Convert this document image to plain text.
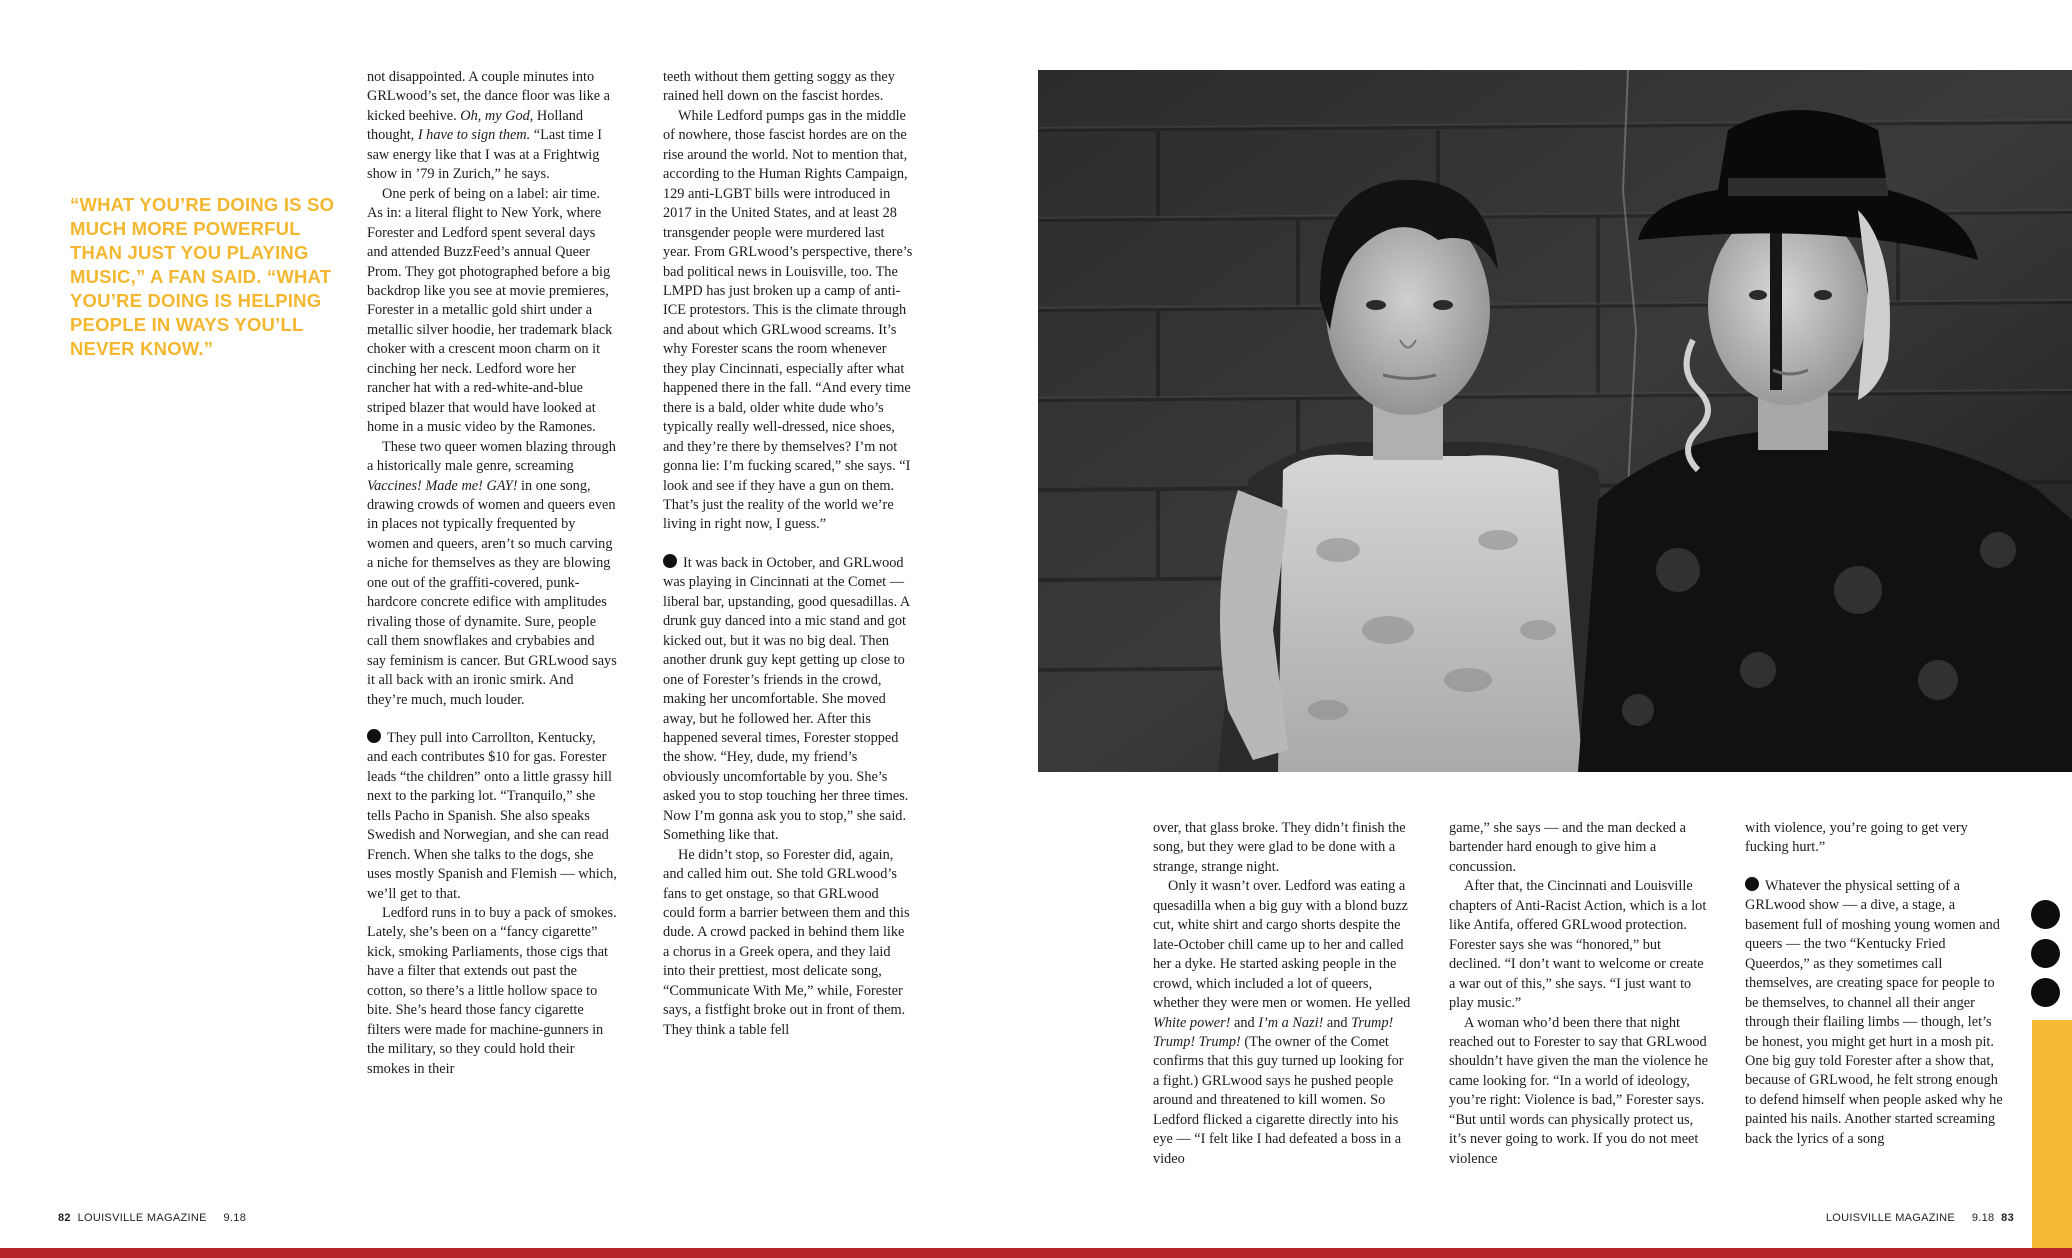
“WHAT YOU’RE DOING IS SO MUCH MORE POWERFUL THAN JUST YOU PLAYING MUSIC,” A FAN SAID. “WHAT YOU’RE DOING IS HELPING PEOPLE IN WAYS YOU’LL NEVER KNOW.”

not disappointed. A couple minutes into GRLwood’s set, the dance floor was like a kicked beehive. Oh, my God, Holland thought, I have to sign them. “Last time I saw energy like that I was at a Frightwig show in ’79 in Zurich,” he says.

One perk of being on a label: air time. As in: a literal flight to New York, where Forester and Ledford spent several days and attended BuzzFeed’s annual Queer Prom. They got photographed before a big backdrop like you see at movie premieres, Forester in a metallic gold shirt under a metallic silver hoodie, her trademark black choker with a crescent moon charm on it cinching her neck. Ledford wore her rancher hat with a red-white-and-blue striped blazer that would have looked at home in a music video by the Ramones.

These two queer women blazing through a historically male genre, screaming Vaccines! Made me! GAY! in one song, drawing crowds of women and queers even in places not typically frequented by women and queers, aren’t so much carving a niche for themselves as they are blowing one out of the graffiti-covered, punk-hardcore concrete edifice with amplitudes rivaling those of dynamite. Sure, people call them snowflakes and crybabies and say feminism is cancer. But GRLwood says it all back with an ironic smirk. And they’re much, much louder.

They pull into Carrollton, Kentucky, and each contributes $10 for gas. Forester leads “the children” onto a little grassy hill next to the parking lot. “Tranquilo,” she tells Pacho in Spanish. She also speaks Swedish and Norwegian, and she can read French. When she talks to the dogs, she uses mostly Spanish and Flemish — which, we’ll get to that.

Ledford runs in to buy a pack of smokes. Lately, she’s been on a “fancy cigarette” kick, smoking Parliaments, those cigs that have a filter that extends out past the cotton, so there’s a little hollow space to bite. She’s heard those fancy cigarette filters were made for machine-gunners in the military, so they could hold their smokes in their

teeth without them getting soggy as they rained hell down on the fascist hordes.

While Ledford pumps gas in the middle of nowhere, those fascist hordes are on the rise around the world. Not to mention that, according to the Human Rights Campaign, 129 anti-LGBT bills were introduced in 2017 in the United States, and at least 28 transgender people were murdered last year. From GRLwood’s perspective, there’s bad political news in Louisville, too. The LMPD has just broken up a camp of anti-ICE protestors. This is the climate through and about which GRLwood screams. It’s why Forester scans the room whenever they play Cincinnati, especially after what happened there in the fall. “And every time there is a bald, older white dude who’s typically really well-dressed, nice shoes, and they’re there by themselves? I’m not gonna lie: I’m fucking scared,” she says. “I look and see if they have a gun on them. That’s just the reality of the world we’re living in right now, I guess.”

It was back in October, and GRLwood was playing in Cincinnati at the Comet — liberal bar, upstanding, good quesadillas. A drunk guy danced into a mic stand and got kicked out, but it was no big deal. Then another drunk guy kept getting up close to one of Forester’s friends in the crowd, making her uncomfortable. She moved away, but he followed her. After this happened several times, Forester stopped the show. “Hey, dude, my friend’s obviously uncomfortable by you. She’s asked you to stop touching her three times. Now I’m gonna ask you to stop,” she said. Something like that.

He didn’t stop, so Forester did, again, and called him out. She told GRLwood’s fans to get onstage, so that GRLwood could form a barrier between them and this dude. A crowd packed in behind them like a chorus in a Greek opera, and they laid into their prettiest, most delicate song, “Communicate With Me,” while, Forester says, a fistfight broke out in front of them. They think a table fell

over, that glass broke. They didn’t finish the song, but they were glad to be done with a strange, strange night.

Only it wasn’t over. Ledford was eating a quesadilla when a big guy with a blond buzz cut, white shirt and cargo shorts despite the late-October chill came up to her and called her a dyke. He started asking people in the crowd, which included a lot of queers, whether they were men or women. He yelled White power! and I’m a Nazi! and Trump! Trump! Trump! (The owner of the Comet confirms that this guy turned up looking for a fight.) GRLwood says he pushed people around and threatened to kill women. So Ledford flicked a cigarette directly into his eye — “I felt like I had defeated a boss in a video

game,” she says — and the man decked a bartender hard enough to give him a concussion.

After that, the Cincinnati and Louisville chapters of Anti-Racist Action, which is a lot like Antifa, offered GRLwood protection. Forester says she was “honored,” but declined. “I don’t want to welcome or create a war out of this,” she says. “I just want to play music.”

A woman who’d been there that night reached out to Forester to say that GRLwood shouldn’t have given the man the violence he came looking for. “In a world of ideology, you’re right: Violence is bad,” Forester says. “But until words can physically protect us, it’s never going to work. If you do not meet violence

with violence, you’re going to get very fucking hurt.”

Whatever the physical setting of a GRLwood show — a dive, a stage, a basement full of moshing young women and queers — the two “Kentucky Fried Queerdos,” as they sometimes call themselves, are creating space for people to be themselves, to channel all their anger through their flailing limbs — though, let’s be honest, you might get hurt in a mosh pit. One big guy told Forester after a show that, because of GRLwood, he felt strong enough to defend himself when people asked why he painted his nails. Another started screaming back the lyrics of a song

82 LOUISVILLE MAGAZINE 9.18	LOUISVILLE MAGAZINE 9.18 83
